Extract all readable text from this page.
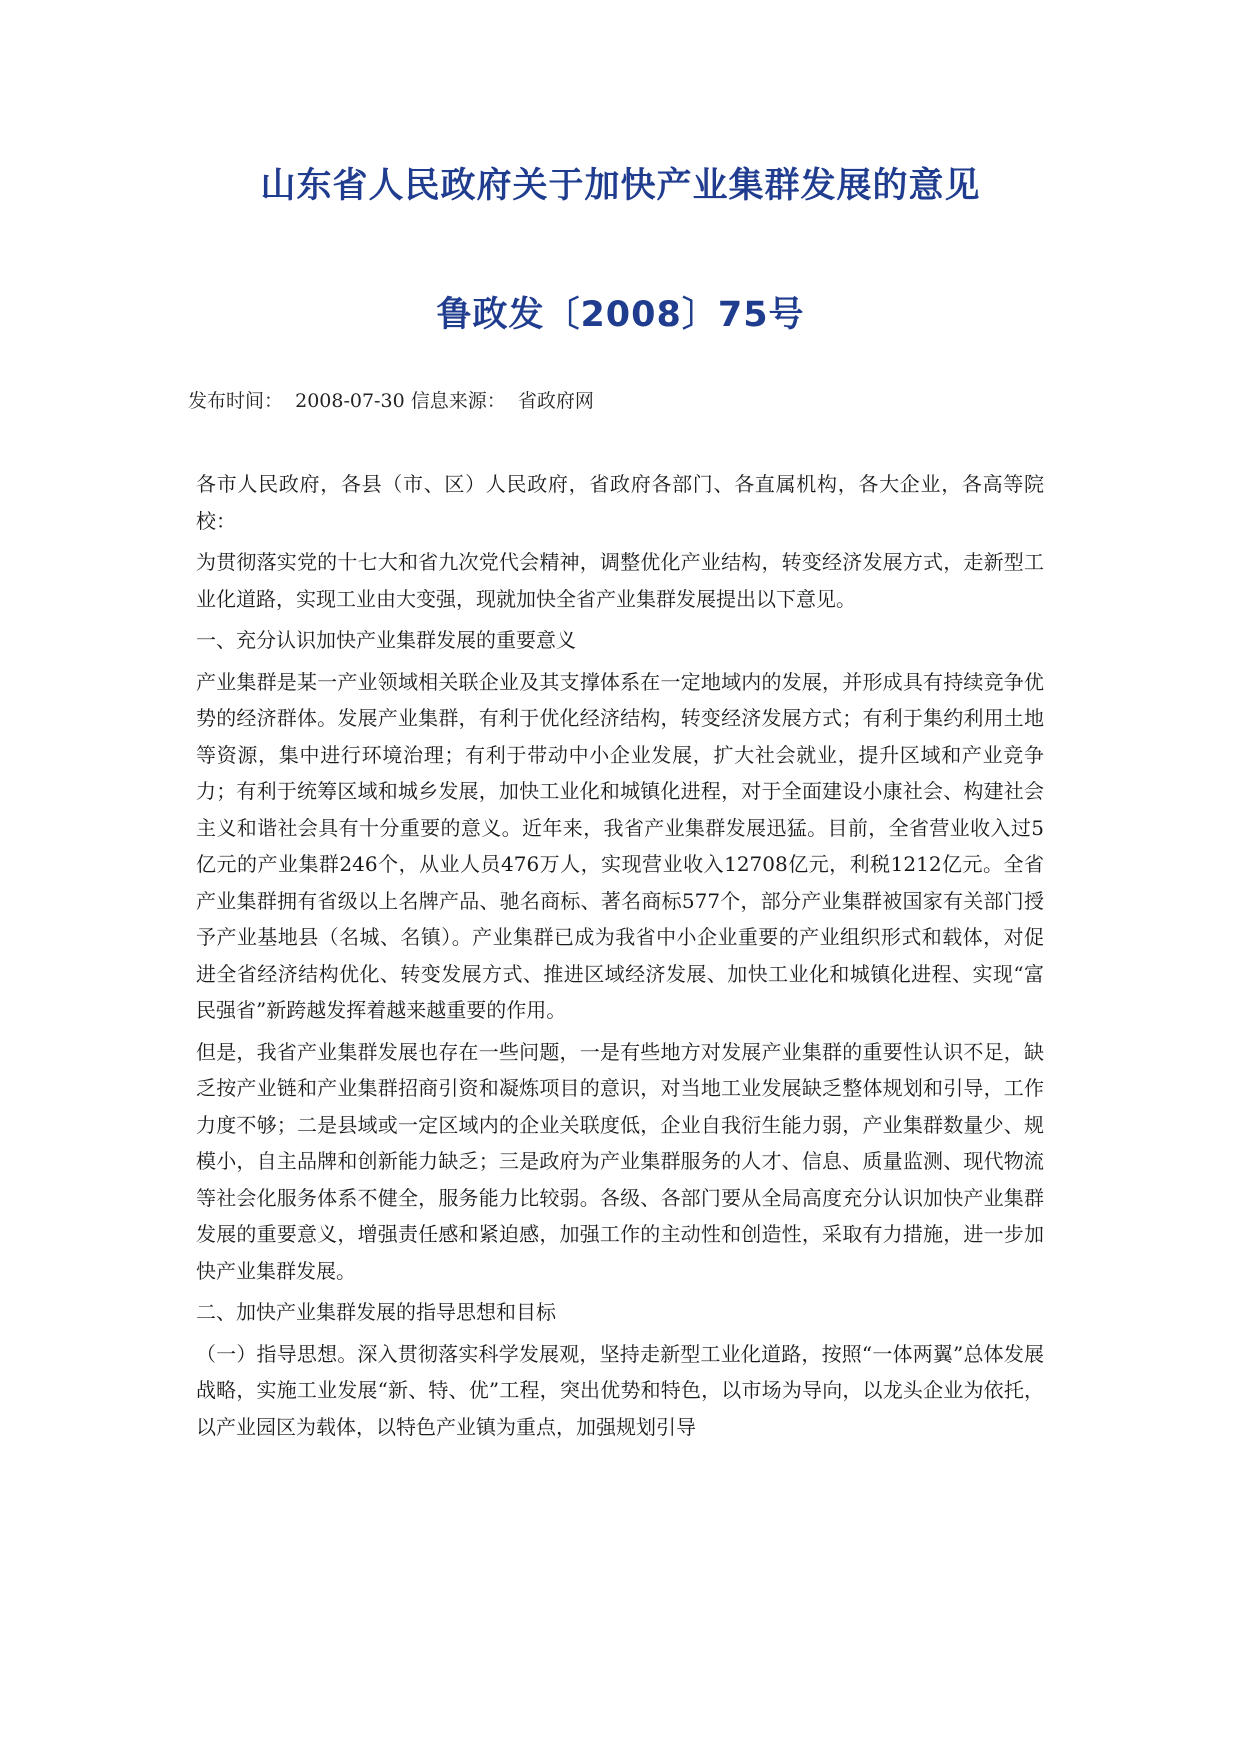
山东省人民政府关于加快产业集群发展的意见
鲁政发〔2008〕75号
发布时间： 2008-07-30 信息来源： 省政府网

各市人民政府，各县（市、区）人民政府，省政府各部门、各直属机构，各大企业，各高等院校：

为贯彻落实党的十七大和省九次党代会精神，调整优化产业结构，转变经济发展方式，走新型工业化道路，实现工业由大变强，现就加快全省产业集群发展提出以下意见。

一、充分认识加快产业集群发展的重要意义

产业集群是某一产业领域相关联企业及其支撑体系在一定地域内的发展，并形成具有持续竞争优势的经济群体。发展产业集群，有利于优化经济结构，转变经济发展方式；有利于集约利用土地等资源，集中进行环境治理；有利于带动中小企业发展，扩大社会就业，提升区域和产业竞争力；有利于统筹区域和城乡发展，加快工业化和城镇化进程，对于全面建设小康社会、构建社会主义和谐社会具有十分重要的意义。近年来，我省产业集群发展迅猛。目前，全省营业收入过5亿元的产业集群246个，从业人员476万人，实现营业收入12708亿元，利税1212亿元。全省产业集群拥有省级以上名牌产品、驰名商标、著名商标577个，部分产业集群被国家有关部门授予产业基地县（名城、名镇）。产业集群已成为我省中小企业重要的产业组织形式和载体，对促进全省经济结构优化、转变发展方式、推进区域经济发展、加快工业化和城镇化进程、实现“富民强省”新跨越发挥着越来越重要的作用。

但是，我省产业集群发展也存在一些问题，一是有些地方对发展产业集群的重要性认识不足，缺乏按产业链和产业集群招商引资和凝炼项目的意识，对当地工业发展缺乏整体规划和引导，工作力度不够；二是县域或一定区域内的企业关联度低，企业自我衍生能力弱，产业集群数量少、规模小，自主品牌和创新能力缺乏；三是政府为产业集群服务的人才、信息、质量监测、现代物流等社会化服务体系不健全，服务能力比较弱。各级、各部门要从全局高度充分认识加快产业集群发展的重要意义，增强责任感和紧迫感，加强工作的主动性和创造性，采取有力措施，进一步加快产业集群发展。

二、加快产业集群发展的指导思想和目标

（一）指导思想。深入贯彻落实科学发展观，坚持走新型工业化道路，按照“一体两翼”总体发展战略，实施工业发展“新、特、优”工程，突出优势和特色，以市场为导向，以龙头企业为依托，以产业园区为载体，以特色产业镇为重点，加强规划引导
